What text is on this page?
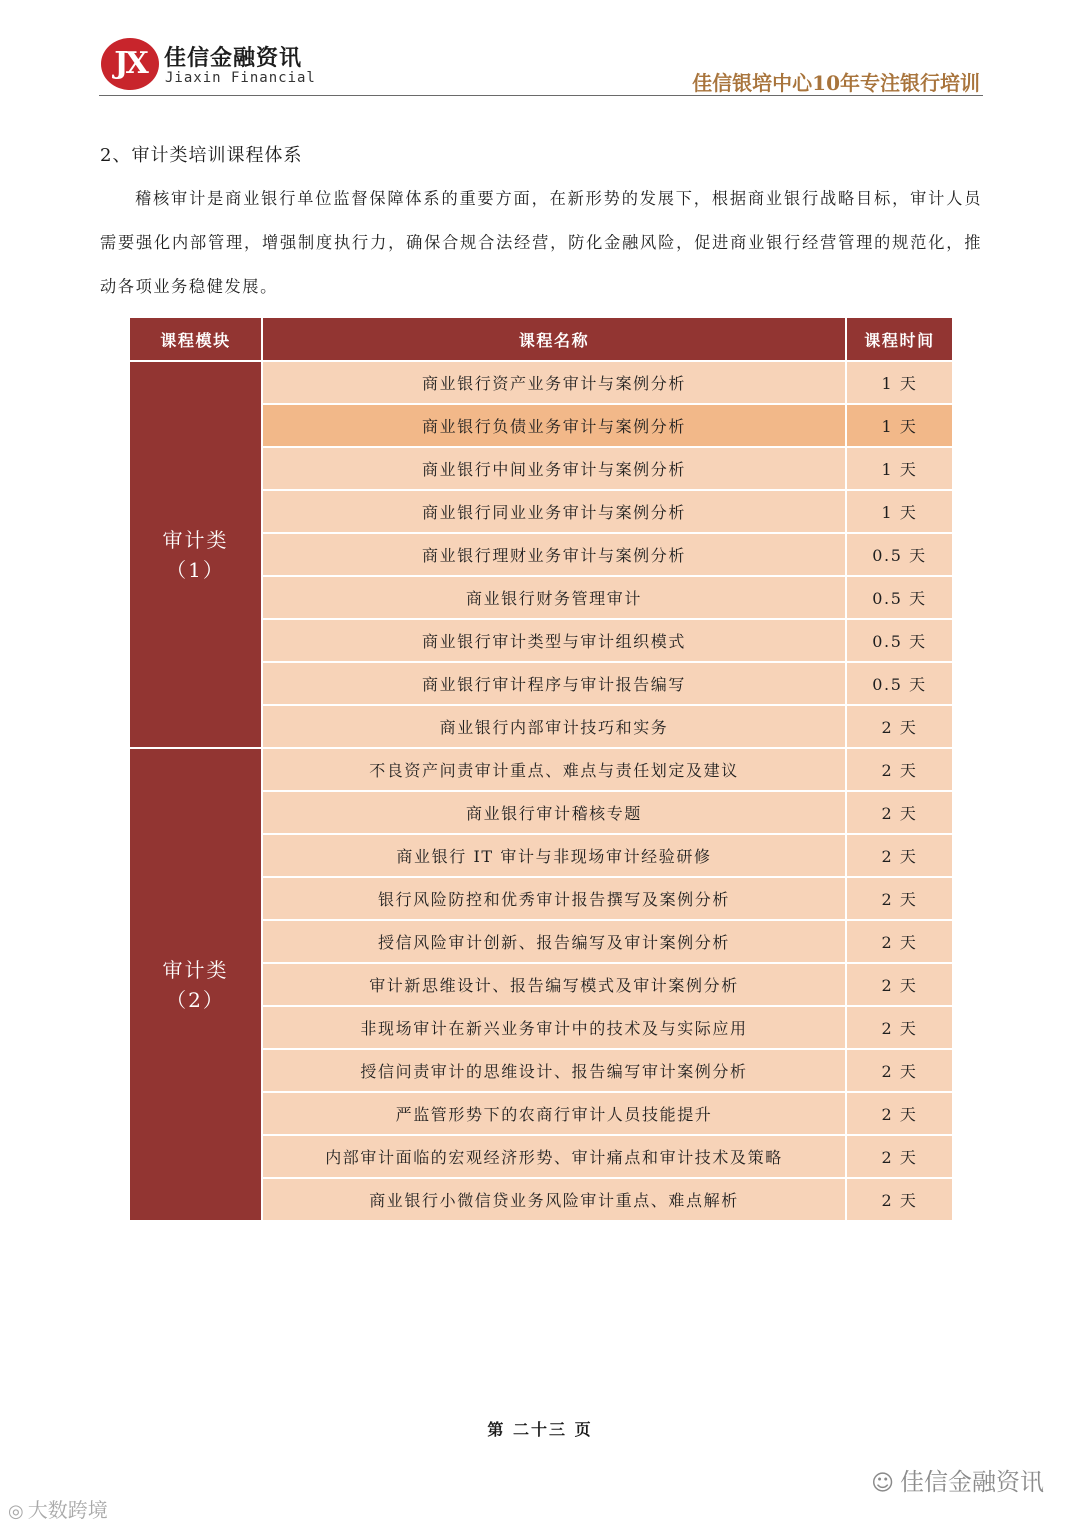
JX 佳信金融资讯
Jiaxin Financial	佳信银培中心10年专注银行培训
2、审计类培训课程体系

稽核审计是商业银行单位监督保障体系的重要方面，在新形势的发展下，根据商业银行战略目标，审计人员需要强化内部管理，增强制度执行力，确保合规合法经营，防化金融风险，促进商业银行经营管理的规范化，推动各项业务稳健发展。

课程模块	课程名称	课程时间

审计类
（1）	商业银行资产业务审计与案例分析	1 天
	商业银行负债业务审计与案例分析	1 天
	商业银行中间业务审计与案例分析	1 天
	商业银行同业业务审计与案例分析	1 天
	商业银行理财业务审计与案例分析	0.5 天
	商业银行财务管理审计	0.5 天
	商业银行审计类型与审计组织模式	0.5 天
	商业银行审计程序与审计报告编写	0.5 天
	商业银行内部审计技巧和实务	2 天

审计类
（2）	不良资产问责审计重点、难点与责任划定及建议	2 天
	商业银行审计稽核专题	2 天
	商业银行 IT 审计与非现场审计经验研修	2 天
	银行风险防控和优秀审计报告撰写及案例分析	2 天
	授信风险审计创新、报告编写及审计案例分析	2 天
	审计新思维设计、报告编写模式及审计案例分析	2 天
	非现场审计在新兴业务审计中的技术及与实际应用	2 天
	授信问责审计的思维设计、报告编写审计案例分析	2 天
	严监管形势下的农商行审计人员技能提升	2 天
	内部审计面临的宏观经济形势、审计痛点和审计技术及策略	2 天
	商业银行小微信贷业务风险审计重点、难点解析	2 天
第 二十三 页
☺ 佳信金融资讯
◎ 大数跨境
